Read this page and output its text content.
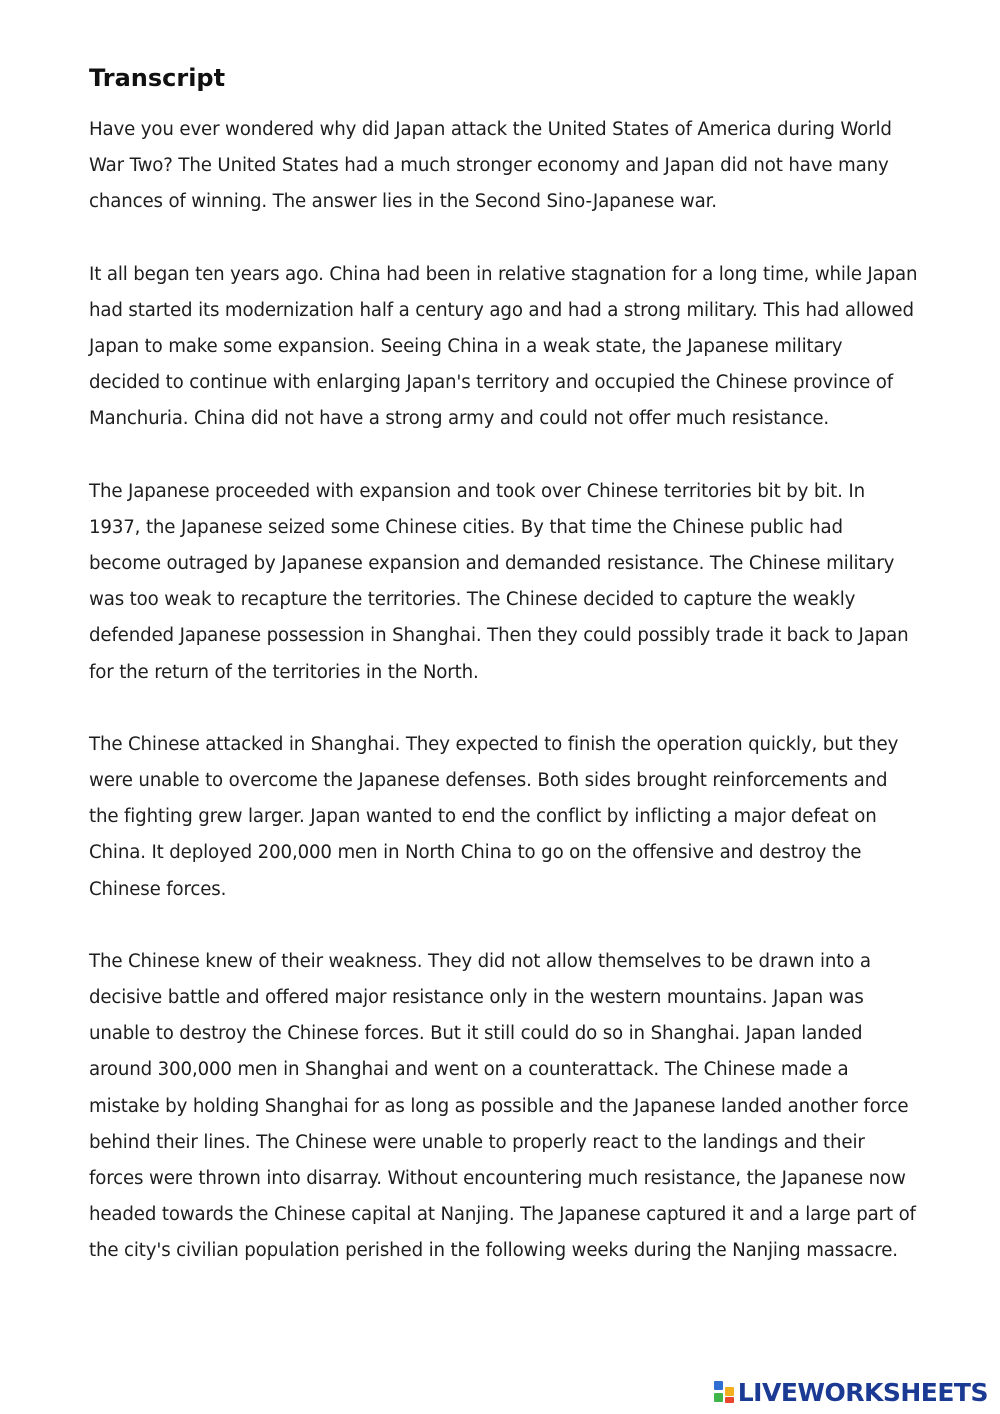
Transcript

Have you ever wondered why did Japan attack the United States of America during World War Two? The United States had a much stronger economy and Japan did not have many chances of winning. The answer lies in the Second Sino-Japanese war.

It all began ten years ago. China had been in relative stagnation for a long time, while Japan had started its modernization half a century ago and had a strong military. This had allowed Japan to make some expansion. Seeing China in a weak state, the Japanese military decided to continue with enlarging Japan's territory and occupied the Chinese province of Manchuria. China did not have a strong army and could not offer much resistance.

The Japanese proceeded with expansion and took over Chinese territories bit by bit. In 1937, the Japanese seized some Chinese cities. By that time the Chinese public had become outraged by Japanese expansion and demanded resistance. The Chinese military was too weak to recapture the territories. The Chinese decided to capture the weakly defended Japanese possession in Shanghai. Then they could possibly trade it back to Japan for the return of the territories in the North.

The Chinese attacked in Shanghai. They expected to finish the operation quickly, but they were unable to overcome the Japanese defenses. Both sides brought reinforcements and the fighting grew larger. Japan wanted to end the conflict by inflicting a major defeat on China. It deployed 200,000 men in North China to go on the offensive and destroy the Chinese forces.

The Chinese knew of their weakness. They did not allow themselves to be drawn into a decisive battle and offered major resistance only in the western mountains. Japan was unable to destroy the Chinese forces. But it still could do so in Shanghai. Japan landed around 300,000 men in Shanghai and went on a counterattack. The Chinese made a mistake by holding Shanghai for as long as possible and the Japanese landed another force behind their lines. The Chinese were unable to properly react to the landings and their forces were thrown into disarray. Without encountering much resistance, the Japanese now headed towards the Chinese capital at Nanjing. The Japanese captured it and a large part of the city's civilian population perished in the following weeks during the Nanjing massacre.

LIVEWORKSHEETS
